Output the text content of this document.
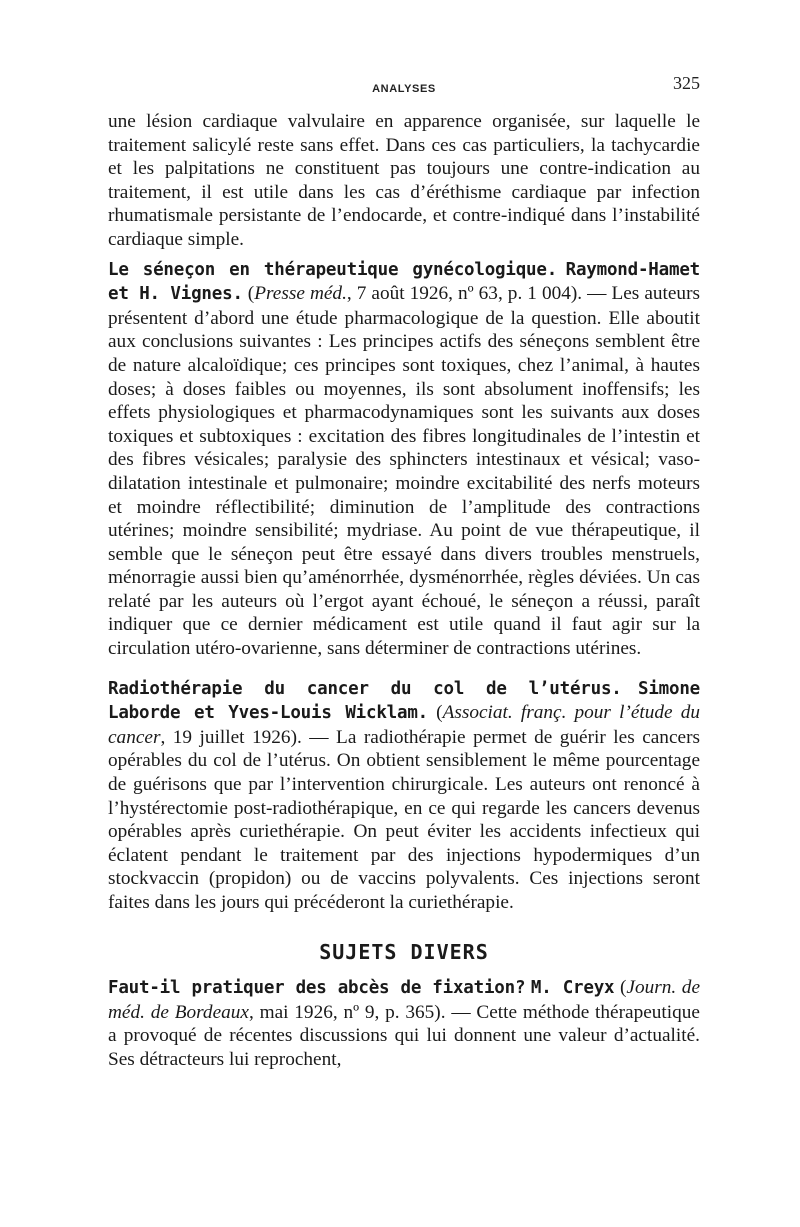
ANALYSES	325

une lésion cardiaque valvulaire en apparence organisée, sur laquelle le traitement salicylé reste sans effet. Dans ces cas particuliers, la tachycardie et les palpitations ne constituent pas toujours une contre-indication au traitement, il est utile dans les cas d’éréthisme cardiaque par infection rhumatismale persistante de l’endocarde, et contre-indiqué dans l’instabilité cardiaque simple.

Le séneçon en thérapeutique gynécologique. Raymond-Hamet et H. Vignes. (Presse méd., 7 août 1926, nº 63, p. 1 004). — Les auteurs présentent d’abord une étude pharmacologique de la question. Elle aboutit aux conclusions suivantes : Les principes actifs des séneçons semblent être de nature alcaloïdique; ces principes sont toxiques, chez l’animal, à hautes doses; à doses faibles ou moyennes, ils sont absolument inoffensifs; les effets physiologiques et pharmacodynamiques sont les suivants aux doses toxiques et subtoxiques : excitation des fibres longitudinales de l’intestin et des fibres vésicales; paralysie des sphincters intestinaux et vésical; vaso-dilatation intestinale et pulmonaire; moindre excitabilité des nerfs moteurs et moindre réflectibilité; diminution de l’amplitude des contractions utérines; moindre sensibilité; mydriase. Au point de vue thérapeutique, il semble que le séneçon peut être essayé dans divers troubles menstruels, ménorragie aussi bien qu’aménorrhée, dysménorrhée, règles déviées. Un cas relaté par les auteurs où l’ergot ayant échoué, le séneçon a réussi, paraît indiquer que ce dernier médicament est utile quand il faut agir sur la circulation utéro-ovarienne, sans déterminer de contractions utérines.

Radiothérapie du cancer du col de l’utérus. Simone Laborde et Yves-Louis Wicklam. (Associat. franç. pour l’étude du cancer, 19 juillet 1926). — La radiothérapie permet de guérir les cancers opérables du col de l’utérus. On obtient sensiblement le même pourcentage de guérisons que par l’intervention chirurgicale. Les auteurs ont renoncé à l’hystérectomie post-radiothérapique, en ce qui regarde les cancers devenus opérables après curiethérapie. On peut éviter les accidents infectieux qui éclatent pendant le traitement par des injections hypodermiques d’un stockvaccin (propidon) ou de vaccins polyvalents. Ces injections seront faites dans les jours qui précéderont la curiethérapie.

SUJETS DIVERS

Faut-il pratiquer des abcès de fixation? M. Creyx (Journ. de méd. de Bordeaux, mai 1926, nº 9, p. 365). — Cette méthode thérapeutique a provoqué de récentes discussions qui lui donnent une valeur d’actualité. Ses détracteurs lui reprochent,
